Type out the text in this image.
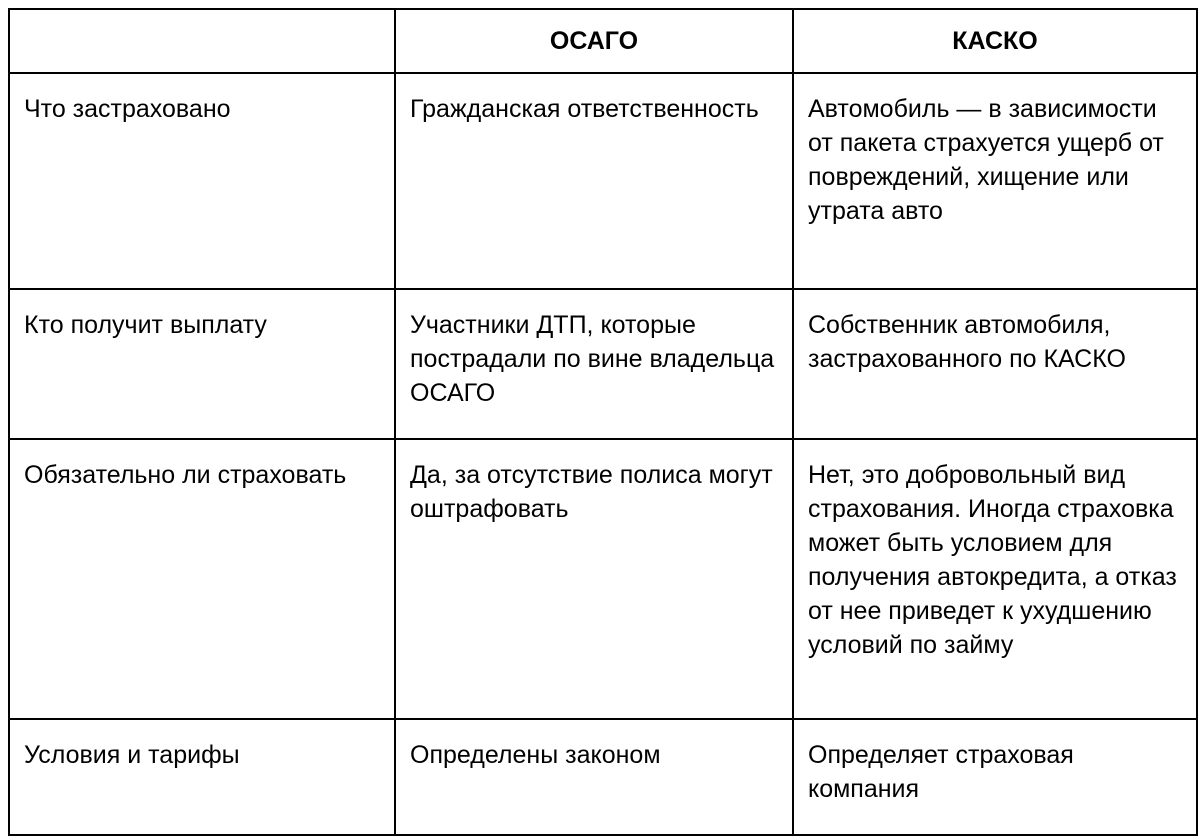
	ОСАГО	КАСКО
Что застраховано	Гражданская ответственность	Автомобиль — в зависимости от пакета страхуется ущерб от повреждений, хищение или утрата авто
Кто получит выплату	Участники ДТП, которые пострадали по вине владельца ОСАГО	Собственник автомобиля, застрахованного по КАСКО
Обязательно ли страховать	Да, за отсутствие полиса могут оштрафовать	Нет, это добровольный вид страхования. Иногда страховка может быть условием для получения автокредита, а отказ от нее приведет к ухудшению условий по займу
Условия и тарифы	Определены законом	Определяет страховая компания
